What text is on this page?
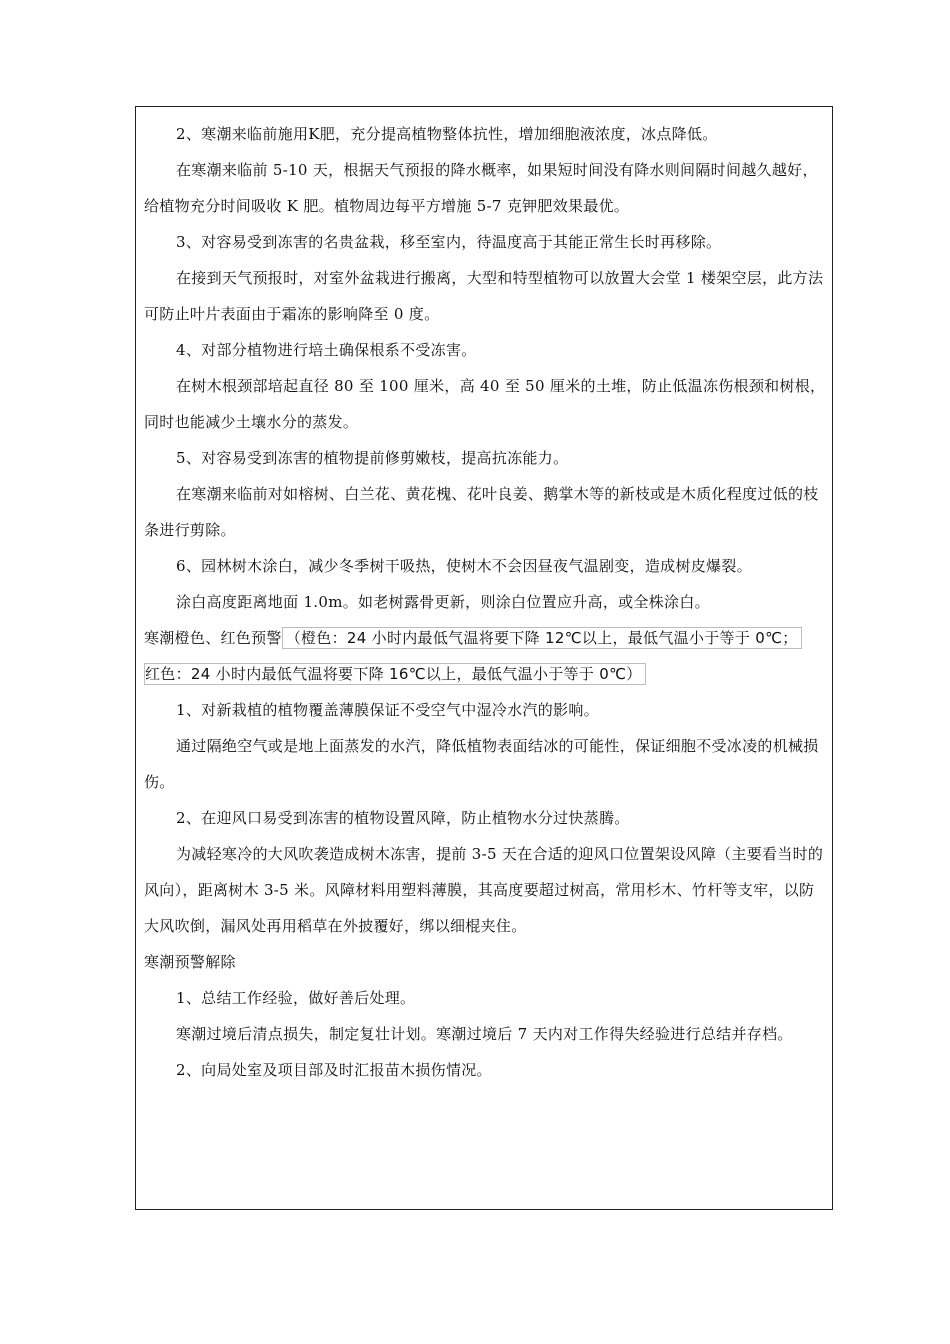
2、寒潮来临前施用K肥，充分提高植物整体抗性，增加细胞液浓度，冰点降低。

在寒潮来临前 5-10 天，根据天气预报的降水概率，如果短时间没有降水则间隔时间越久越好，给植物充分时间吸收 K 肥。植物周边每平方增施 5-7 克钾肥效果最优。

3、对容易受到冻害的名贵盆栽，移至室内，待温度高于其能正常生长时再移除。

在接到天气预报时，对室外盆栽进行搬离，大型和特型植物可以放置大会堂 1 楼架空层，此方法可防止叶片表面由于霜冻的影响降至 0 度。

4、对部分植物进行培土确保根系不受冻害。

在树木根颈部培起直径 80 至 100 厘米，高 40 至 50 厘米的土堆，防止低温冻伤根颈和树根，同时也能减少土壤水分的蒸发。

5、对容易受到冻害的植物提前修剪嫩枝，提高抗冻能力。

在寒潮来临前对如榕树、白兰花、黄花槐、花叶良姜、鹅掌木等的新枝或是木质化程度过低的枝条进行剪除。

6、园林树木涂白，减少冬季树干吸热，使树木不会因昼夜气温剧变，造成树皮爆裂。

涂白高度距离地面 1.0m。如老树露骨更新，则涂白位置应升高，或全株涂白。

寒潮橙色、红色预警 （橙色：24 小时内最低气温将要下降 12℃以上，最低气温小于等于 0℃；

红色：24 小时内最低气温将要下降 16℃以上，最低气温小于等于 0℃）

1、对新栽植的植物覆盖薄膜保证不受空气中湿冷水汽的影响。

通过隔绝空气或是地上面蒸发的水汽，降低植物表面结冰的可能性，保证细胞不受冰凌的机械损伤。

2、在迎风口易受到冻害的植物设置风障，防止植物水分过快蒸腾。

为减轻寒冷的大风吹袭造成树木冻害，提前 3-5 天在合适的迎风口位置架设风障（主要看当时的风向），距离树木 3-5 米。风障材料用塑料薄膜，其高度要超过树高，常用杉木、竹杆等支牢，以防大风吹倒，漏风处再用稻草在外披覆好，绑以细棍夹住。

寒潮预警解除

1、总结工作经验，做好善后处理。

寒潮过境后清点损失，制定复壮计划。寒潮过境后 7 天内对工作得失经验进行总结并存档。

2、向局处室及项目部及时汇报苗木损伤情况。
